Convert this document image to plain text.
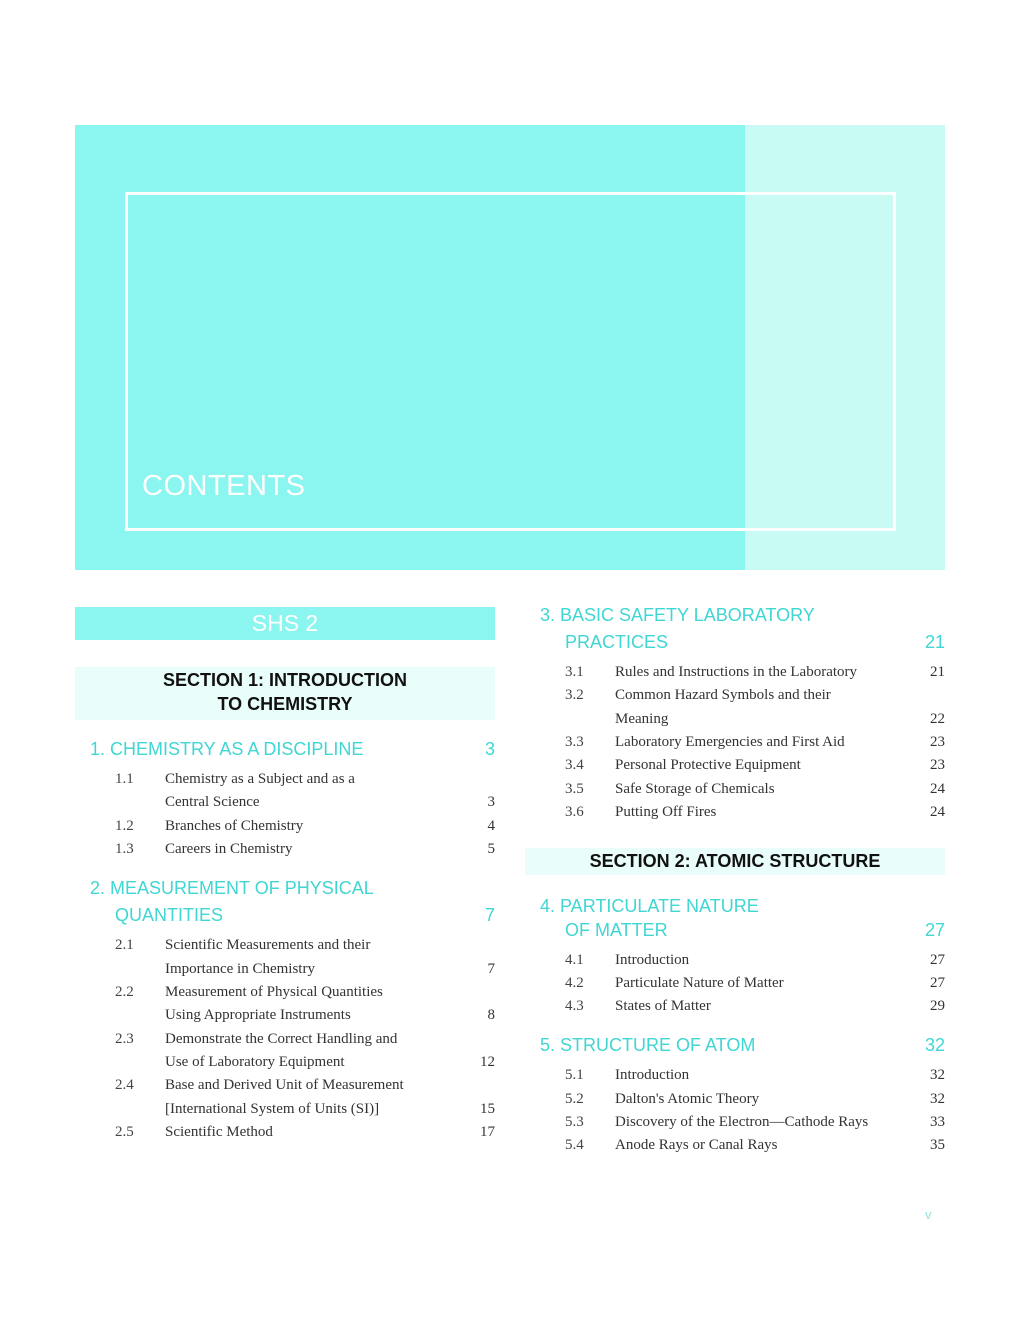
CONTENTS
SHS 2
SECTION 1: INTRODUCTION
TO CHEMISTRY
SECTION 2: ATOMIC STRUCTURE
1. CHEMISTRY AS A DISCIPLINE	3
1.1 Chemistry as a Subject and as a
Central Science	3
1.2 Branches of Chemistry	4
1.3 Careers in Chemistry	5
2. MEASUREMENT OF PHYSICAL
QUANTITIES	7
2.1 Scientific Measurements and their
Importance in Chemistry	7
2.2 Measurement of Physical Quantities
Using Appropriate Instruments	8
2.3 Demonstrate the Correct Handling and
Use of Laboratory Equipment	12
2.4 Base and Derived Unit of Measurement
[International System of Units (SI)]	15
2.5 Scientific Method	17
3. BASIC SAFETY LABORATORY
PRACTICES	21
3.1 Rules and Instructions in the Laboratory	21
3.2 Common Hazard Symbols and their
Meaning	22
3.3 Laboratory Emergencies and First Aid	23
3.4 Personal Protective Equipment	23
3.5 Safe Storage of Chemicals	24
3.6 Putting Off Fires	24
4. PARTICULATE NATURE
OF MATTER	27
4.1 Introduction	27
4.2 Particulate Nature of Matter	27
4.3 States of Matter	29
5. STRUCTURE OF ATOM	32
5.1 Introduction	32
5.2 Dalton's Atomic Theory	32
5.3 Discovery of the Electron—Cathode Rays	33
5.4 Anode Rays or Canal Rays	35
v
